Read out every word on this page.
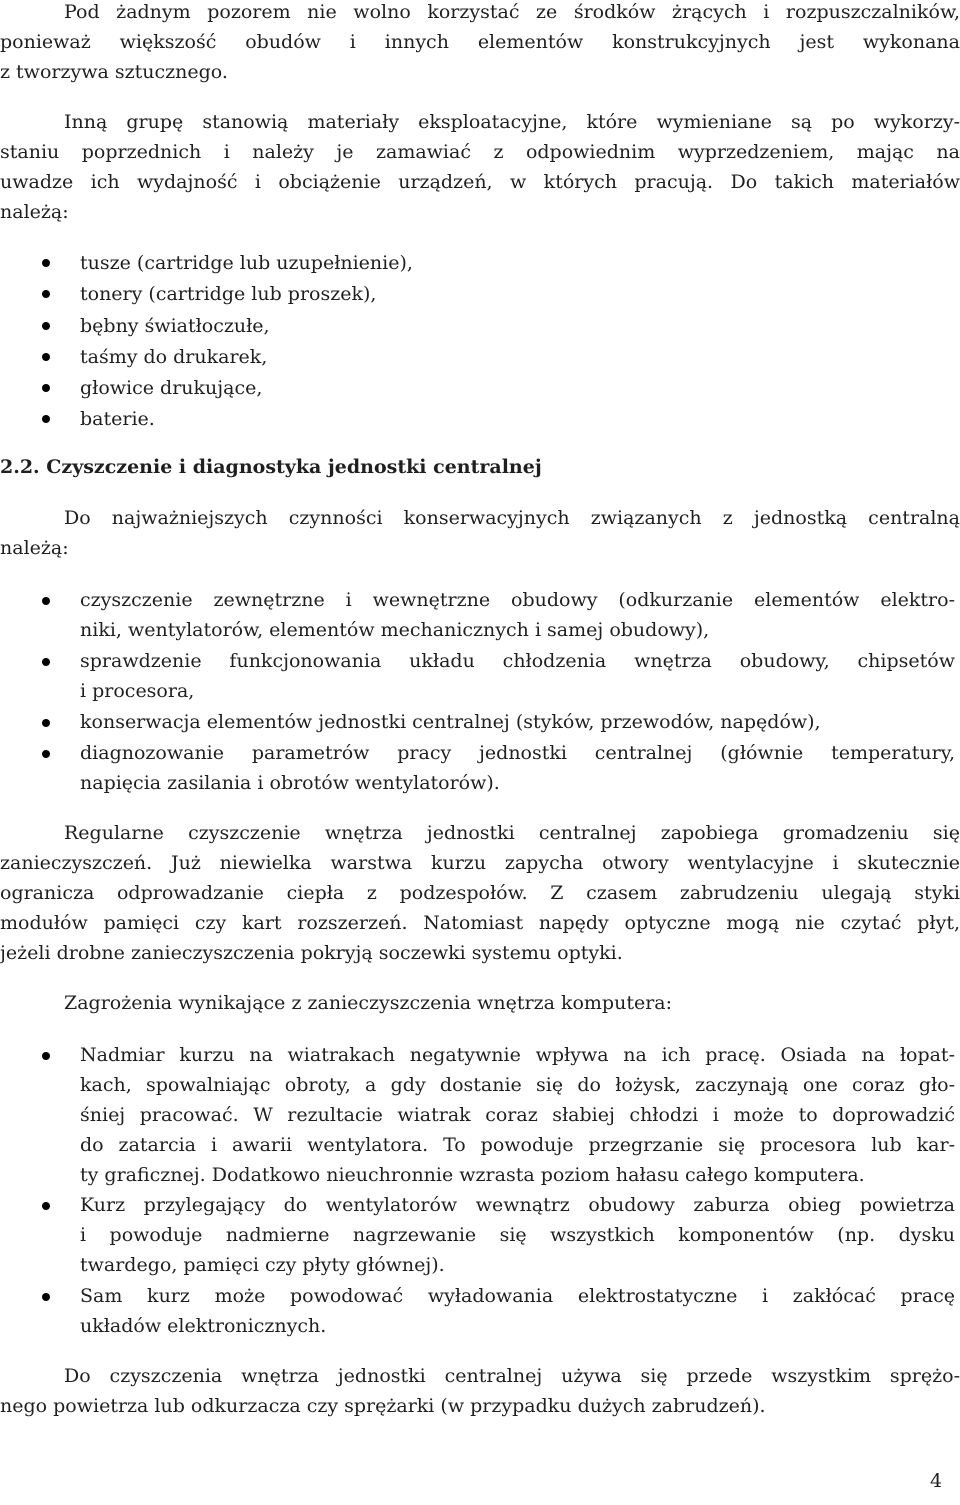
Pod żadnym pozorem nie wolno korzystać ze środków żrących i rozpuszczalników,
ponieważ większość obudów i innych elementów konstrukcyjnych jest wykonana
z tworzywa sztucznego.
Inną grupę stanowią materiały eksploatacyjne, które wymieniane są po wykorzy-
staniu poprzednich i należy je zamawiać z odpowiednim wyprzedzeniem, mając na
uwadze ich wydajność i obciążenie urządzeń, w których pracują. Do takich materiałów
należą:
tusze (cartridge lub uzupełnienie),
tonery (cartridge lub proszek),
bębny światłoczułe,
taśmy do drukarek,
głowice drukujące,
baterie.
2.2. Czyszczenie i diagnostyka jednostki centralnej
Do najważniejszych czynności konserwacyjnych związanych z jednostką centralną
należą:
czyszczenie zewnętrzne i wewnętrzne obudowy (odkurzanie elementów elektro-
niki, wentylatorów, elementów mechanicznych i samej obudowy),
sprawdzenie funkcjonowania układu chłodzenia wnętrza obudowy, chipsetów
i procesora,
konserwacja elementów jednostki centralnej (styków, przewodów, napędów),
diagnozowanie parametrów pracy jednostki centralnej (głównie temperatury,
napięcia zasilania i obrotów wentylatorów).
Regularne czyszczenie wnętrza jednostki centralnej zapobiega gromadzeniu się
zanieczyszczeń. Już niewielka warstwa kurzu zapycha otwory wentylacyjne i skutecznie
ogranicza odprowadzanie ciepła z podzespołów. Z czasem zabrudzeniu ulegają styki
modułów pamięci czy kart rozszerzeń. Natomiast napędy optyczne mogą nie czytać płyt,
jeżeli drobne zanieczyszczenia pokryją soczewki systemu optyki.
Zagrożenia wynikające z zanieczyszczenia wnętrza komputera:
Nadmiar kurzu na wiatrakach negatywnie wpływa na ich pracę. Osiada na łopat-
kach, spowalniając obroty, a gdy dostanie się do łożysk, zaczynają one coraz gło-
śniej pracować. W rezultacie wiatrak coraz słabiej chłodzi i może to doprowadzić
do zatarcia i awarii wentylatora. To powoduje przegrzanie się procesora lub kar-
ty graficznej. Dodatkowo nieuchronnie wzrasta poziom hałasu całego komputera.
Kurz przylegający do wentylatorów wewnątrz obudowy zaburza obieg powietrza
i powoduje nadmierne nagrzewanie się wszystkich komponentów (np. dysku
twardego, pamięci czy płyty głównej).
Sam kurz może powodować wyładowania elektrostatyczne i zakłócać pracę
układów elektronicznych.
Do czyszczenia wnętrza jednostki centralnej używa się przede wszystkim sprężo-
nego powietrza lub odkurzacza czy sprężarki (w przypadku dużych zabrudzeń).
4
